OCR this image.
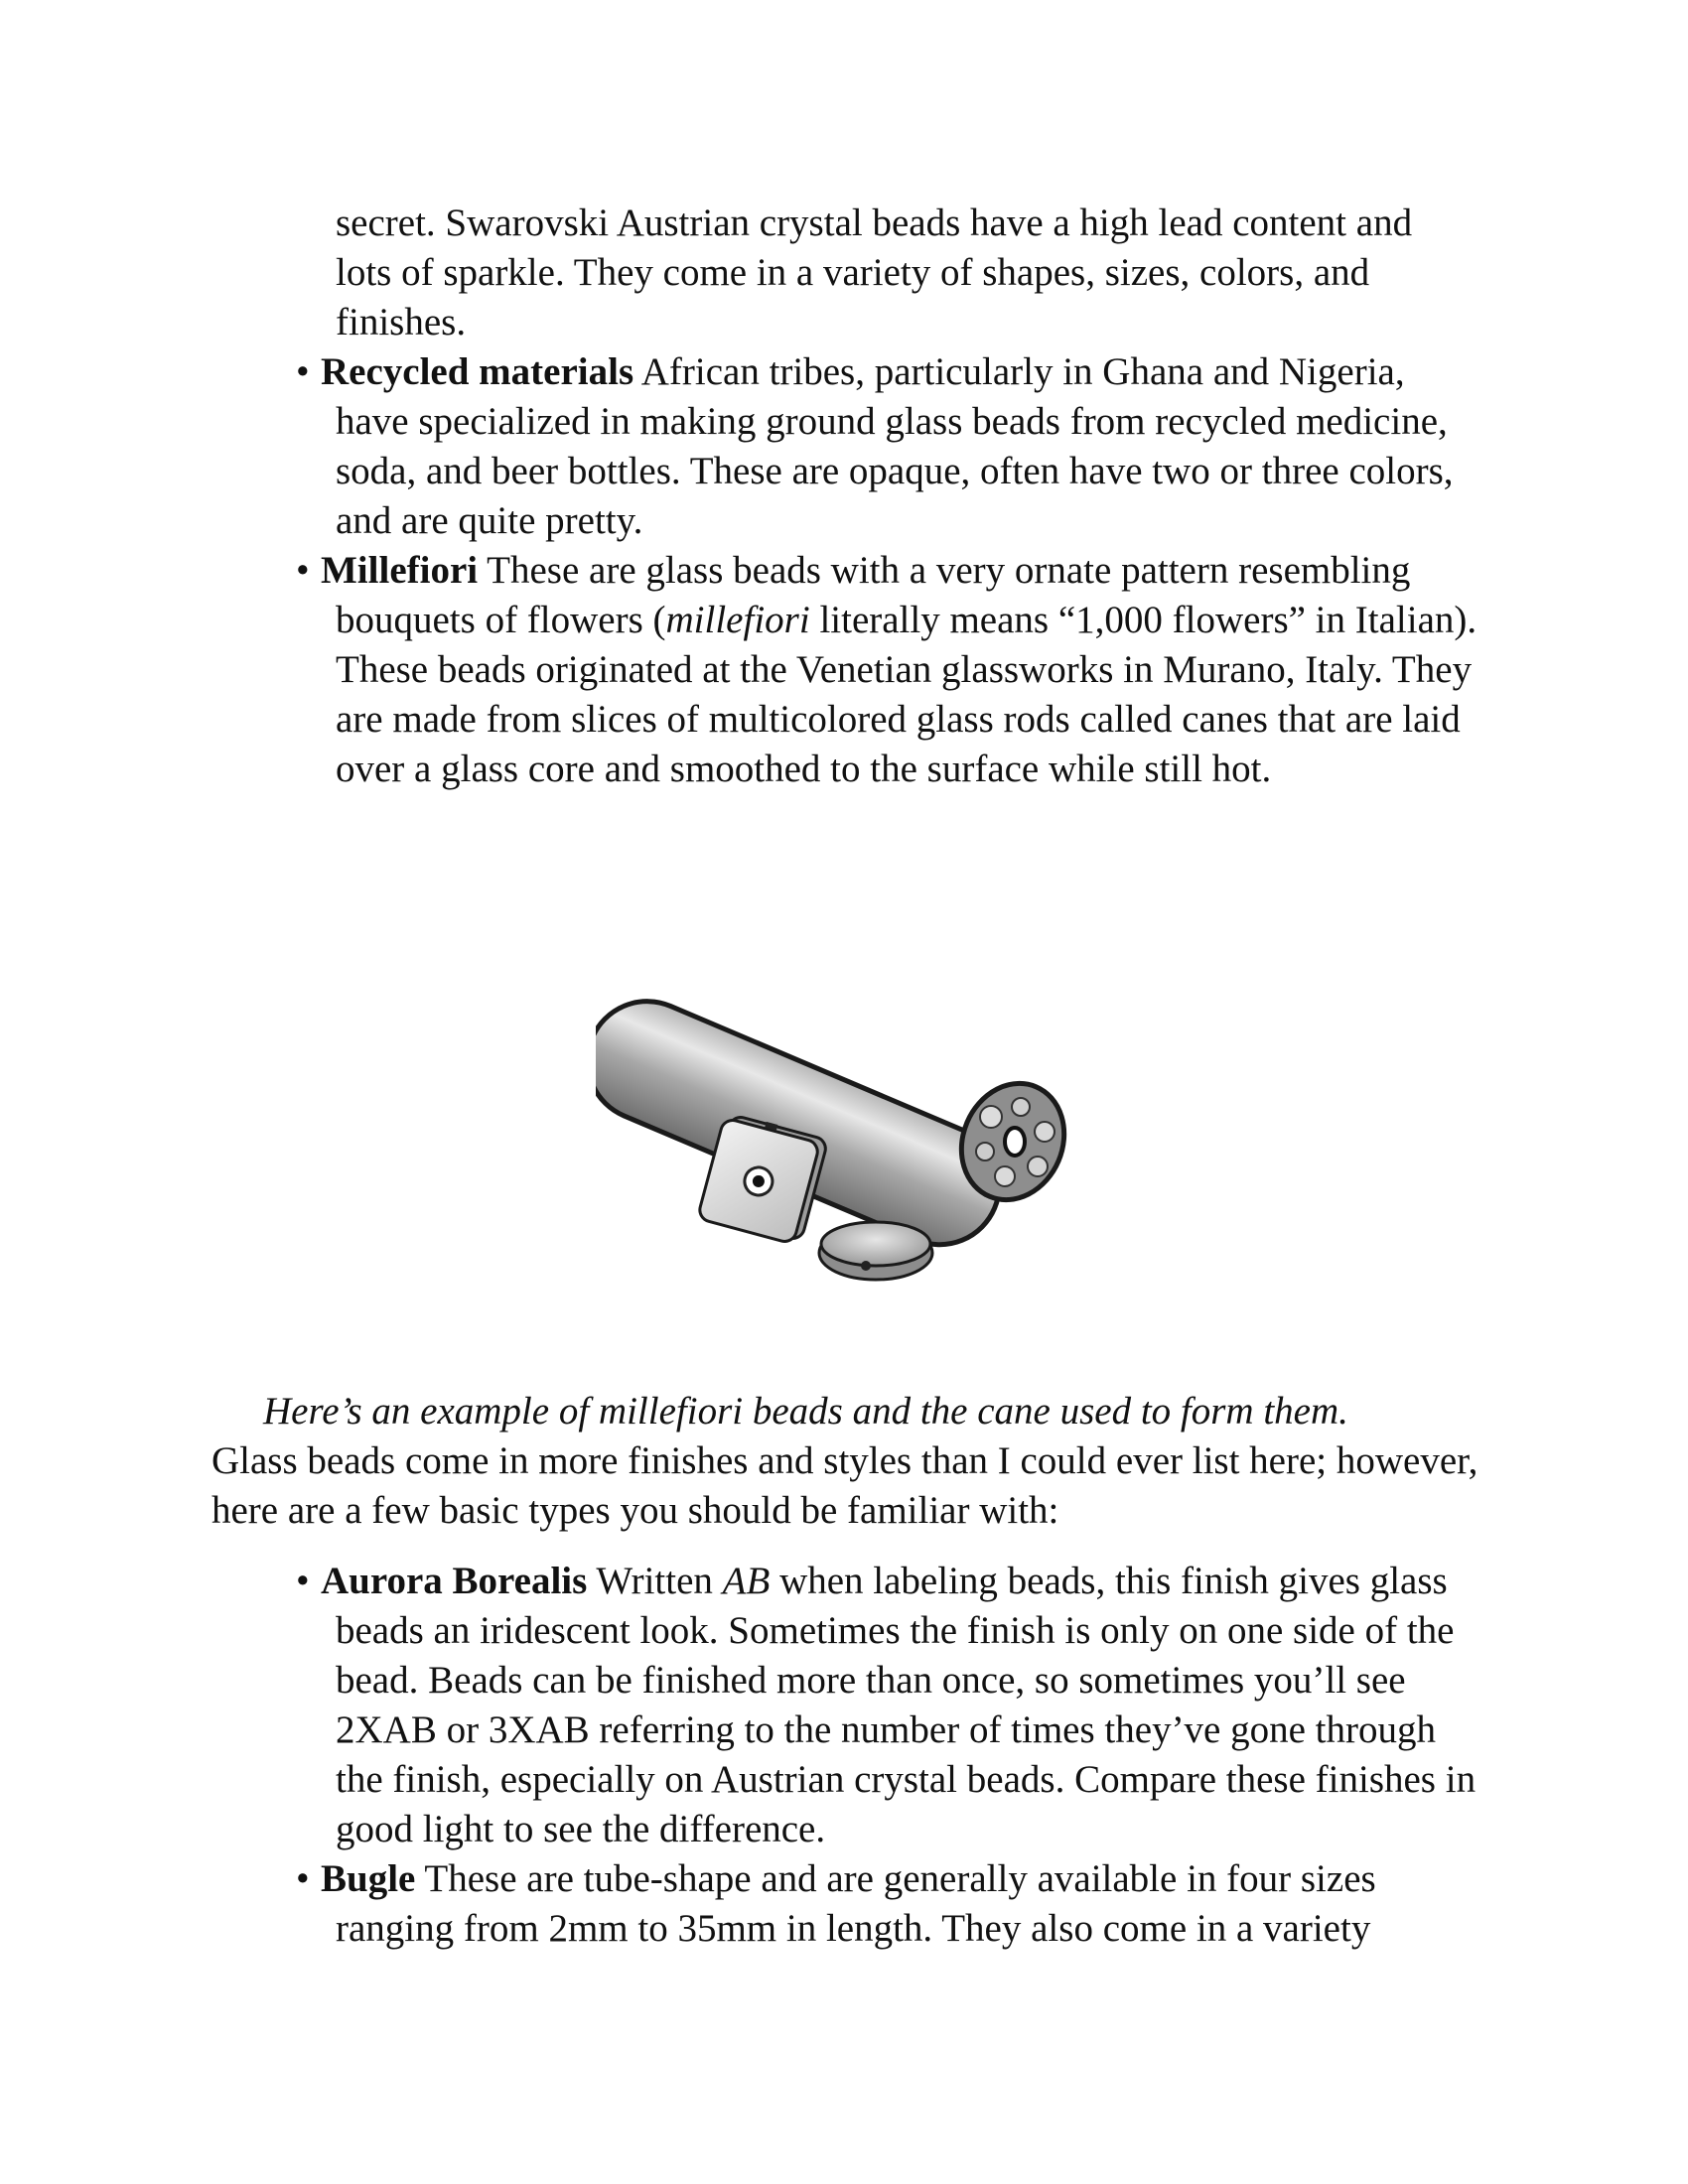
secret. Swarovski Austrian crystal beads have a high lead content and lots of sparkle. They come in a variety of shapes, sizes, colors, and finishes.
• Recycled materials African tribes, particularly in Ghana and Nigeria, have specialized in making ground glass beads from recycled medicine, soda, and beer bottles. These are opaque, often have two or three colors, and are quite pretty.
• Millefiori These are glass beads with a very ornate pattern resembling bouquets of flowers (millefiori literally means “1,000 flowers” in Italian). These beads originated at the Venetian glassworks in Murano, Italy. They are made from slices of multicolored glass rods called canes that are laid over a glass core and smoothed to the surface while still hot.
Here’s an example of millefiori beads and the cane used to form them.
Glass beads come in more finishes and styles than I could ever list here; however, here are a few basic types you should be familiar with:
• Aurora Borealis Written AB when labeling beads, this finish gives glass beads an iridescent look. Sometimes the finish is only on one side of the bead. Beads can be finished more than once, so sometimes you’ll see 2XAB or 3XAB referring to the number of times they’ve gone through the finish, especially on Austrian crystal beads. Compare these finishes in good light to see the difference.
• Bugle These are tube-shape and are generally available in four sizes ranging from 2mm to 35mm in length. They also come in a variety
